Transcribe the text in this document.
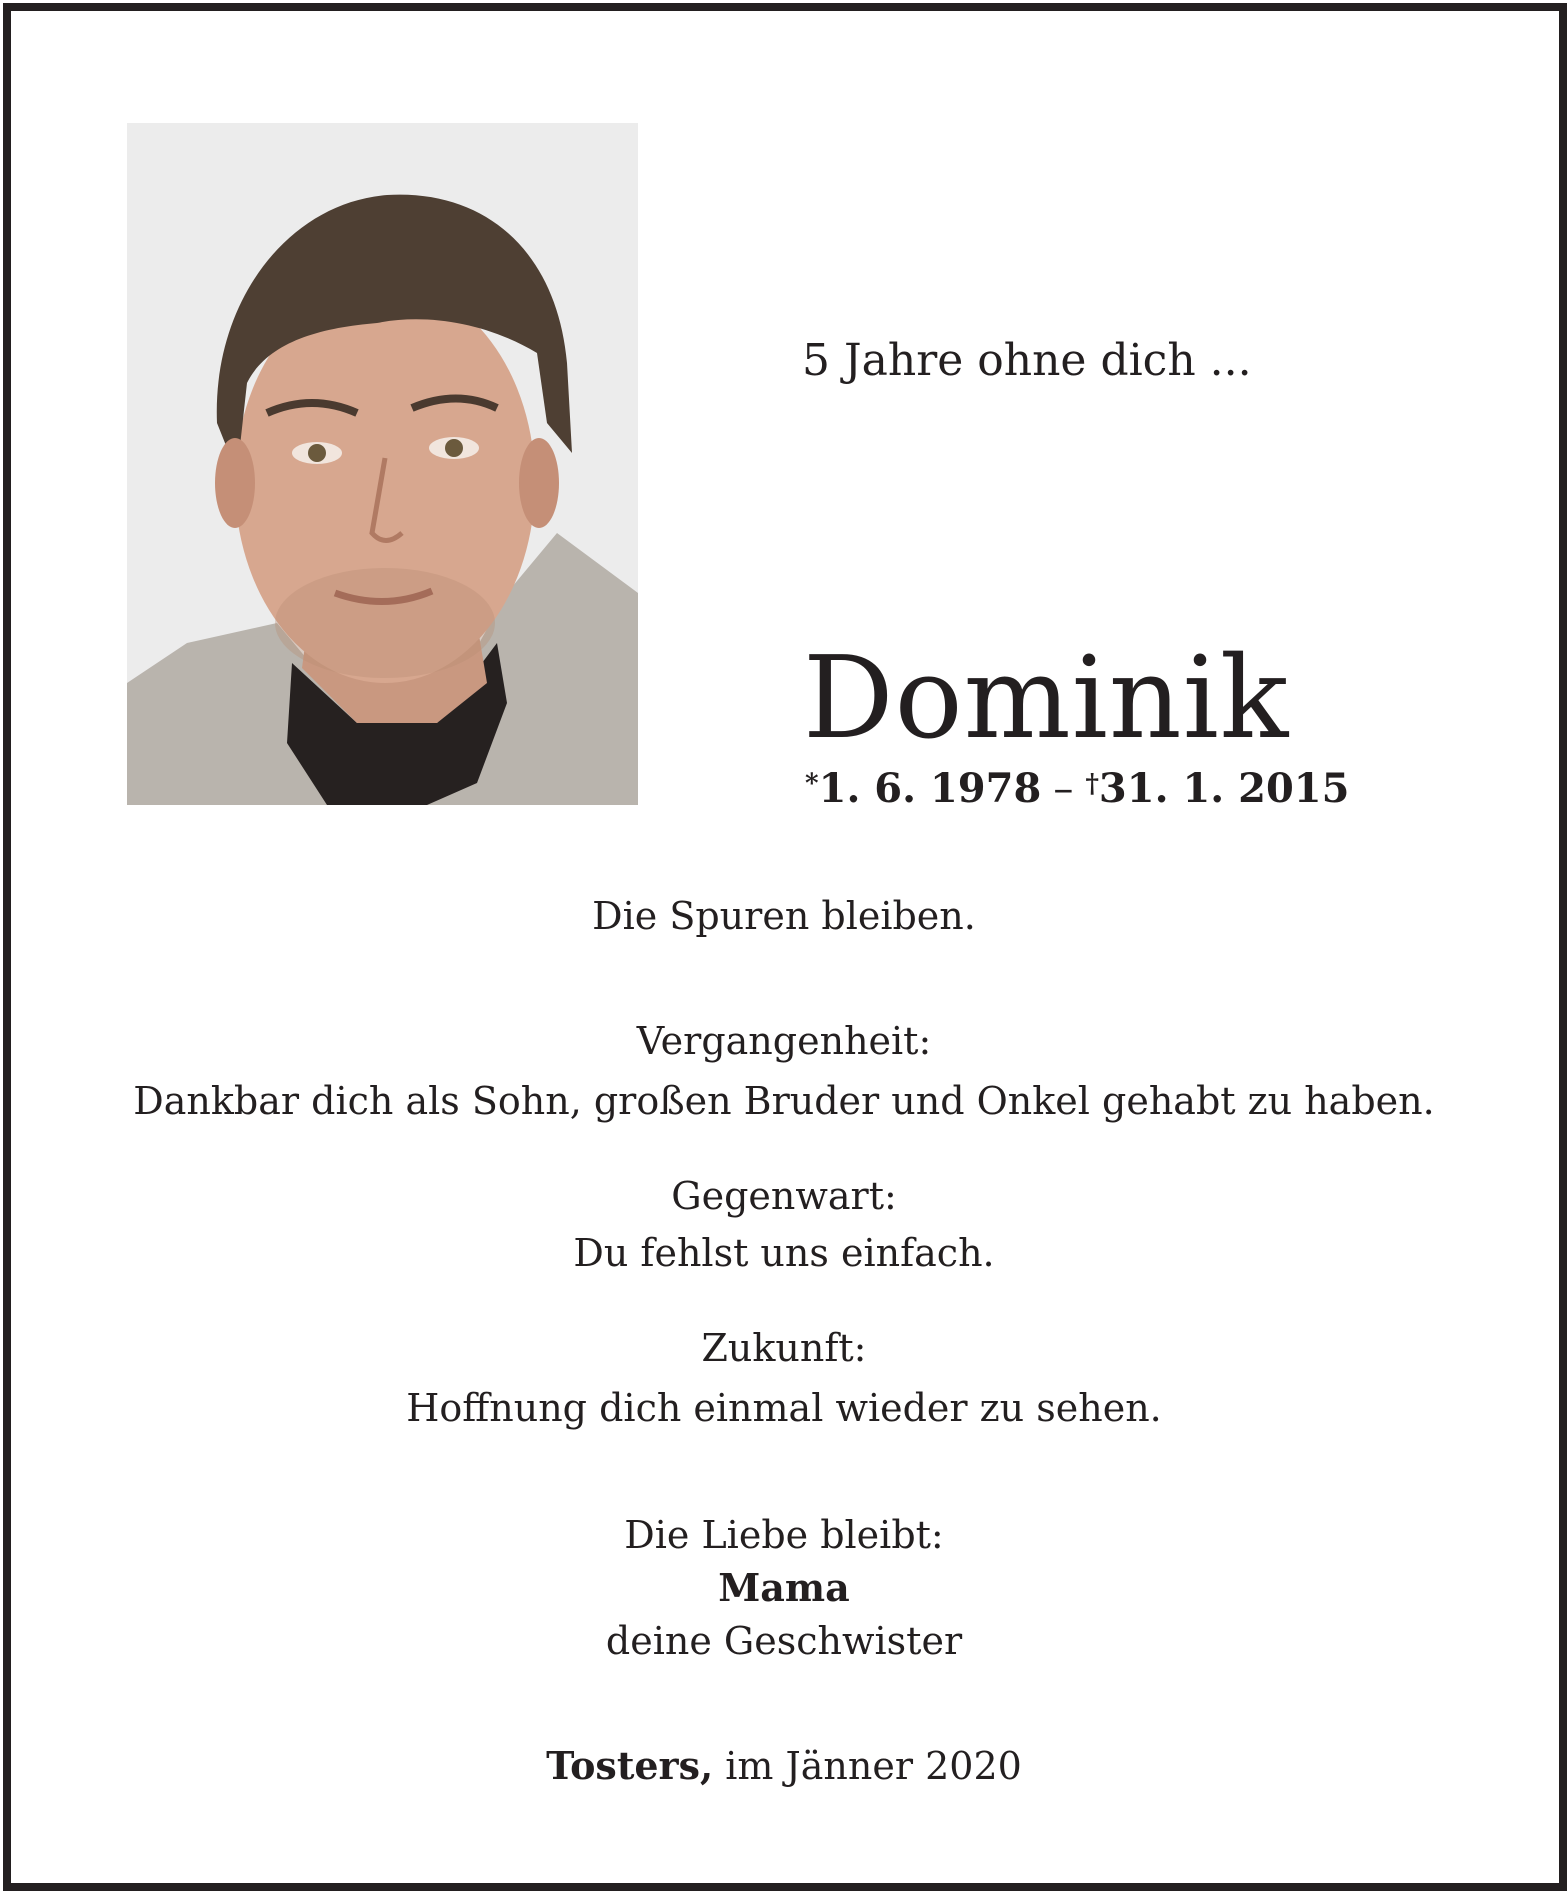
5 Jahre ohne dich ...
Dominik
*1. 6. 1978 – †31. 1. 2015
Die Spuren bleiben.
Vergangenheit:
Dankbar dich als Sohn, großen Bruder und Onkel gehabt zu haben.
Gegenwart:
Du fehlst uns einfach.
Zukunft:
Hoffnung dich einmal wieder zu sehen.
Die Liebe bleibt:
Mama
deine Geschwister
Tosters, im Jänner 2020
